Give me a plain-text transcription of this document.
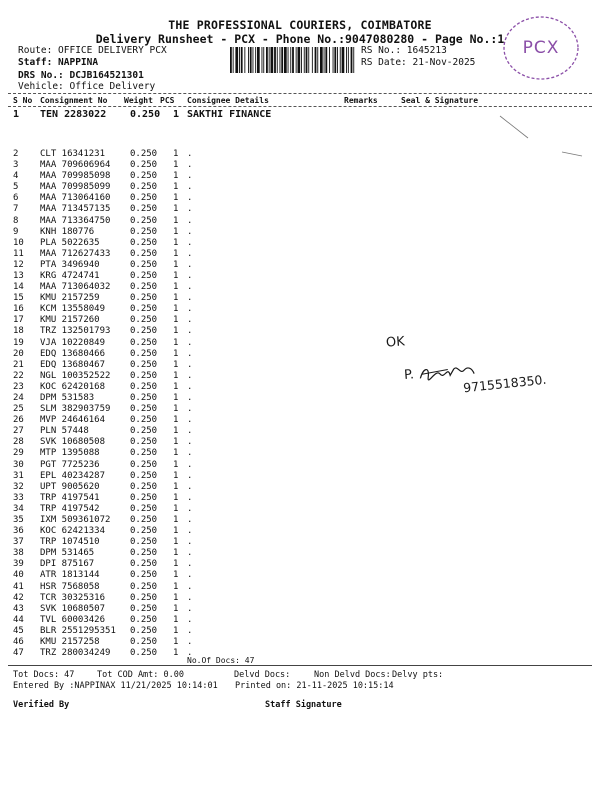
THE PROFESSIONAL COURIERS, COIMBATORE
Delivery Runsheet - PCX - Phone No.:9047080280 - Page No.:1
Route: OFFICE DELIVERY PCX
Staff: NAPPINA
DRS No.: DCJB164521301
Vehicle: Office Delivery
RS No.: 1645213
RS Date: 21-Nov-2025
PCX
S No Consignment No Weight PCS Consignee Details	Remarks	Seal & Signature
1 TEN 2283022 0.250 1 SAKTHI FINANCE
2 CLT 16341231	0.250 1 .
3 MAA 709606964 0.250 1 .
4 MAA 709985098 0.250 1 .
5 MAA 709985099 0.250 1 .
6 MAA 713064160 0.250 1 .
7 MAA 713457135 0.250 1 .
8 MAA 713364750 0.250 1 .
9 KNH 180776	0.250 1 .
10 PLA 5022635	0.250 1 .
11 MAA 712627433 0.250 1 .
12 PTA 3496940	0.250 1 .
13 KRG 4724741	0.250 1 .
14 MAA 713064032 0.250 1 .
15 KMU 2157259	0.250 1 .
16 KCM 13558049	0.250 1 .
17 KMU 2157260	0.250 1 .
18 TRZ 132501793 0.250 1 .
19 VJA 10220849	0.250 1 .
20 EDQ 13680466	0.250 1 .
21 EDQ 13680467	0.250 1 .
22 NGL 100352522 0.250 1 .
23 KOC 62420168	0.250 1 .
24 DPM 531583	0.250 1 .
25 SLM 382903759 0.250 1 .
26 MVP 24646164	0.250 1 .
27 PLN 57448	0.250 1 .
28 SVK 10680508	0.250 1 .
29 MTP 1395088	0.250 1 .
30 PGT 7725236	0.250 1 .
31 EPL 40234287	0.250 1 .
32 UPT 9005620	0.250 1 .
33 TRP 4197541	0.250 1 .
34 TRP 4197542	0.250 1 .
35 IXM 509361072 0.250 1 .
36 KOC 62421334	0.250 1 .
37 TRP 1074510	0.250 1 .
38 DPM 531465	0.250 1 .
39 DPI 875167	0.250 1 .
40 ATR 1813144	0.250 1 .
41 HSR 7568058	0.250 1 .
42 TCR 30325316	0.250 1 .
43 SVK 10680507	0.250 1 .
44 TVL 60003426	0.250 1 .
45 BLR 2551295351 0.250 1 .
46 KMU 2157258	0.250 1 .
47 TRZ 280034249 0.250 1 .
No.Of Docs: 47
Tot Docs: 47	Tot COD Amt: 0.00	Delvd Docs:	Non Delvd Docs: Delvy pts:
Entered By :NAPPINAX 11/21/2025 10:14:01 Printed on: 21-11-2025 10:15:14
Verified By	Staff Signature
OK
P.	9715518350.
